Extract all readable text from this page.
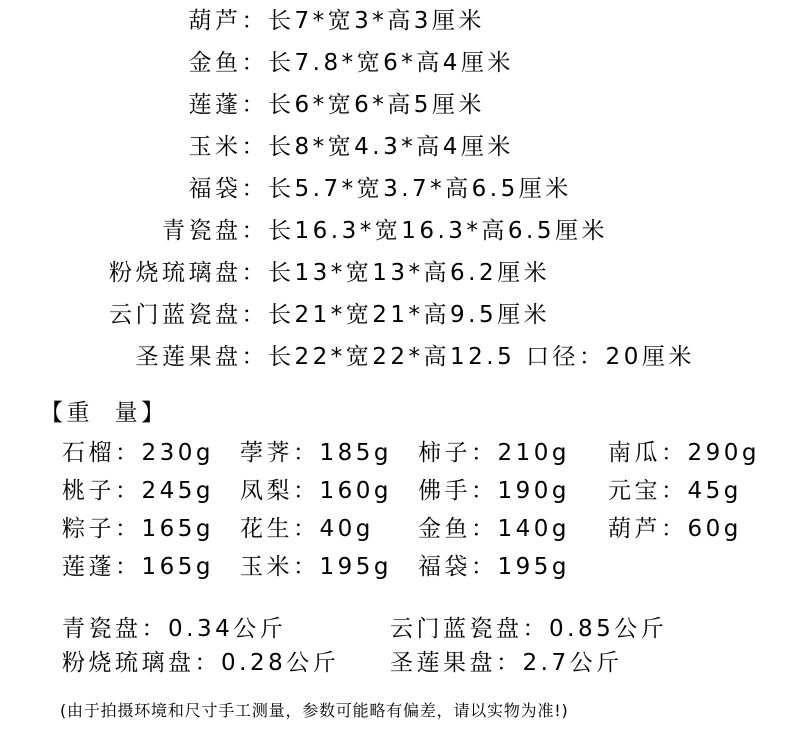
葫芦：长7*宽3*高3厘米
金鱼：长7.8*宽6*高4厘米
莲蓬：长6*宽6*高5厘米
玉米：长8*宽4.3*高4厘米
福袋：长5.7*宽3.7*高6.5厘米
青瓷盘：长16.3*宽16.3*高6.5厘米
粉烧琉璃盘：长13*宽13*高6.2厘米
云门蓝瓷盘：长21*宽21*高9.5厘米
圣莲果盘：长22*宽22*高12.5 口径：20厘米
【重  量】
石榴：230g 荸荠：185g 柿子：210g 南瓜：290g
桃子：245g 凤梨：160g 佛手：190g 元宝：45g
粽子：165g 花生：40g 金鱼：140g 葫芦：60g
莲蓬：165g 玉米：195g 福袋：195g
青瓷盘：0.34公斤	云门蓝瓷盘：0.85公斤
粉烧琉璃盘：0.28公斤 圣莲果盘：2.7公斤
(由于拍摄环境和尺寸手工测量，参数可能略有偏差，请以实物为准!)
